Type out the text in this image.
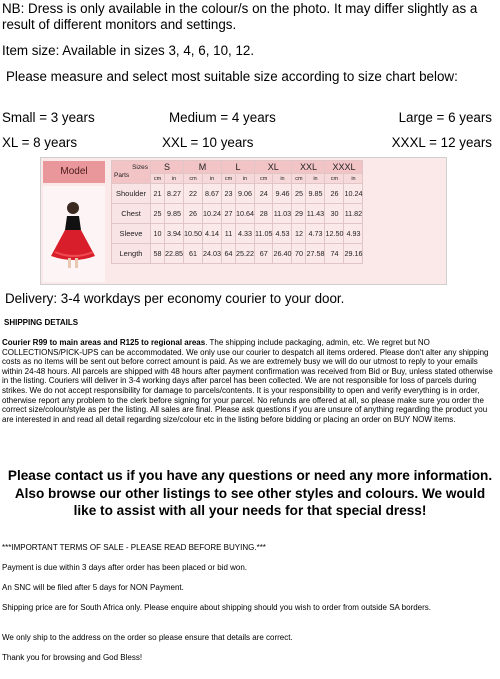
NB: Dress is only available in the colour/s on the photo. It may differ slightly as a result of different monitors and settings.

Item size: Available in sizes 3, 4, 6, 10, 12.

Please measure and select most suitable size according to size chart below:

Small = 3 years	Medium = 4 years	Large = 6 years
XL = 8 years	XXL = 10 years	XXXL = 12 years
Model	Sizes
Parts	S		M		L		XL		XXL		XXXL	
	cm	in	cm	in	cm	in	cm	in	cm	in	cm	in
Shoulder	21	8.27	22	8.67	23	9.06	24	9.46	25	9.85	26	10.24
Chest	25	9.85	26	10.24	27	10.64	28	11.03	29	11.43	30	11.82
Sleeve	10	3.94	10.50	4.14	11	4.33	11.05	4.53	12	4.73	12.50	4.93
Length	58	22.85	61	24.03	64	25.22	67	26.40	70	27.58	74	29.16

Delivery: 3-4 workdays per economy courier to your door.

SHIPPING DETAILS

Courier R99 to main areas and R125 to regional areas. The shipping include packaging, admin, etc. We regret but NO COLLECTIONS/PICK-UPS can be accommodated. We only use our courier to despatch all items ordered. Please don't alter any shipping costs as no items will be sent out before correct amount is paid. As we are extremely busy we will do our utmost to reply to your emails within 24-48 hours. All parcels are shipped with 48 hours after payment confirmation was received from Bid or Buy, unless stated otherwise in the listing. Couriers will deliver in 3-4 working days after parcel has been collected. We are not responsible for loss of parcels during strikes. We do not accept responsibility for damage to parcels/contents. It is your responsibility to open and verify everything is in order, otherwise report any problem to the clerk before signing for your parcel. No refunds are offered at all, so please make sure you order the correct size/colour/style as per the listing. All sales are final. Please ask questions if you are unsure of anything regarding the product you are interested in and read all detail regarding size/colour etc in the listing before bidding or placing an order on BUY NOW items.

Please contact us if you have any questions or need any more information. Also browse our other listings to see other styles and colours. We would like to assist with all your needs for that special dress!

***IMPORTANT TERMS OF SALE - PLEASE READ BEFORE BUYING.***

Payment is due within 3 days after order has been placed or bid won.

An SNC will be filed after 5 days for NON Payment.

Shipping price are for South Africa only. Please enquire about shipping should you wish to order from outside SA borders.

We only ship to the address on the order so please ensure that details are correct.

Thank you for browsing and God Bless!
